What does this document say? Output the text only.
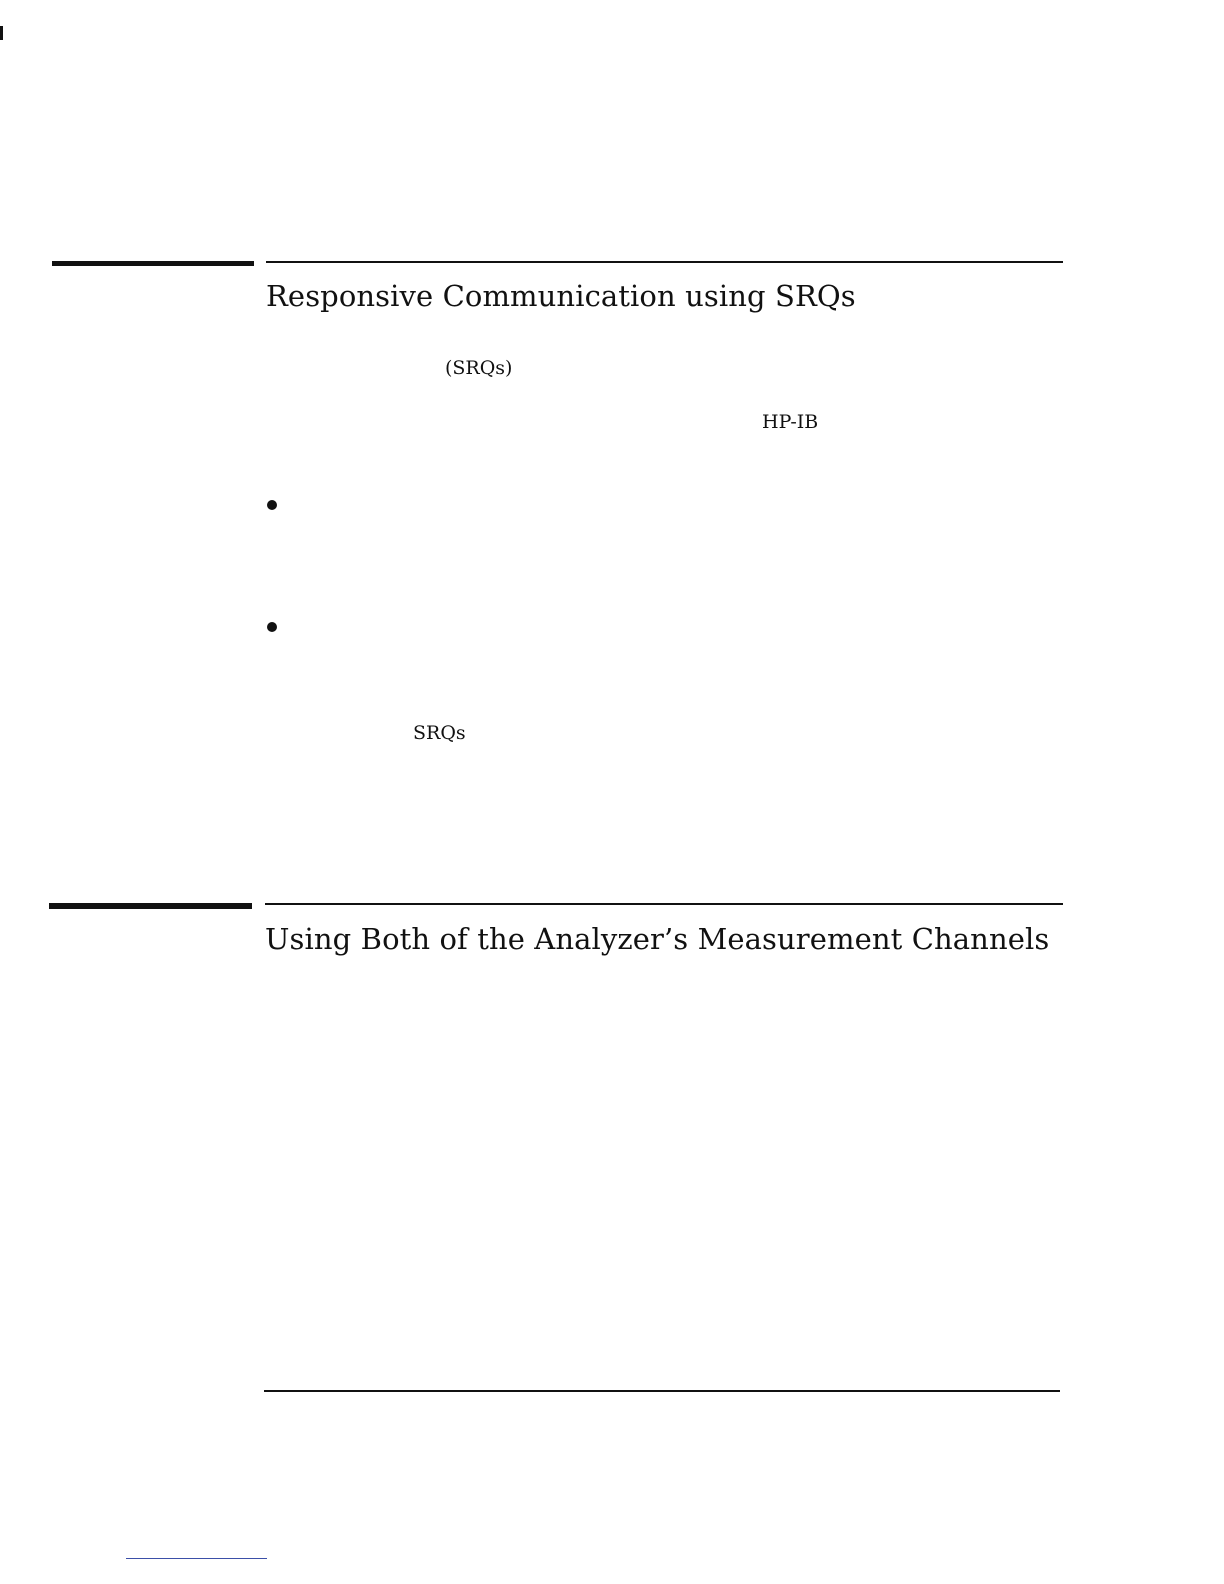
Responsive Communication using SRQs
(SRQs)
HP-IB
SRQs
Using Both of the Analyzer’s Measurement Channels
